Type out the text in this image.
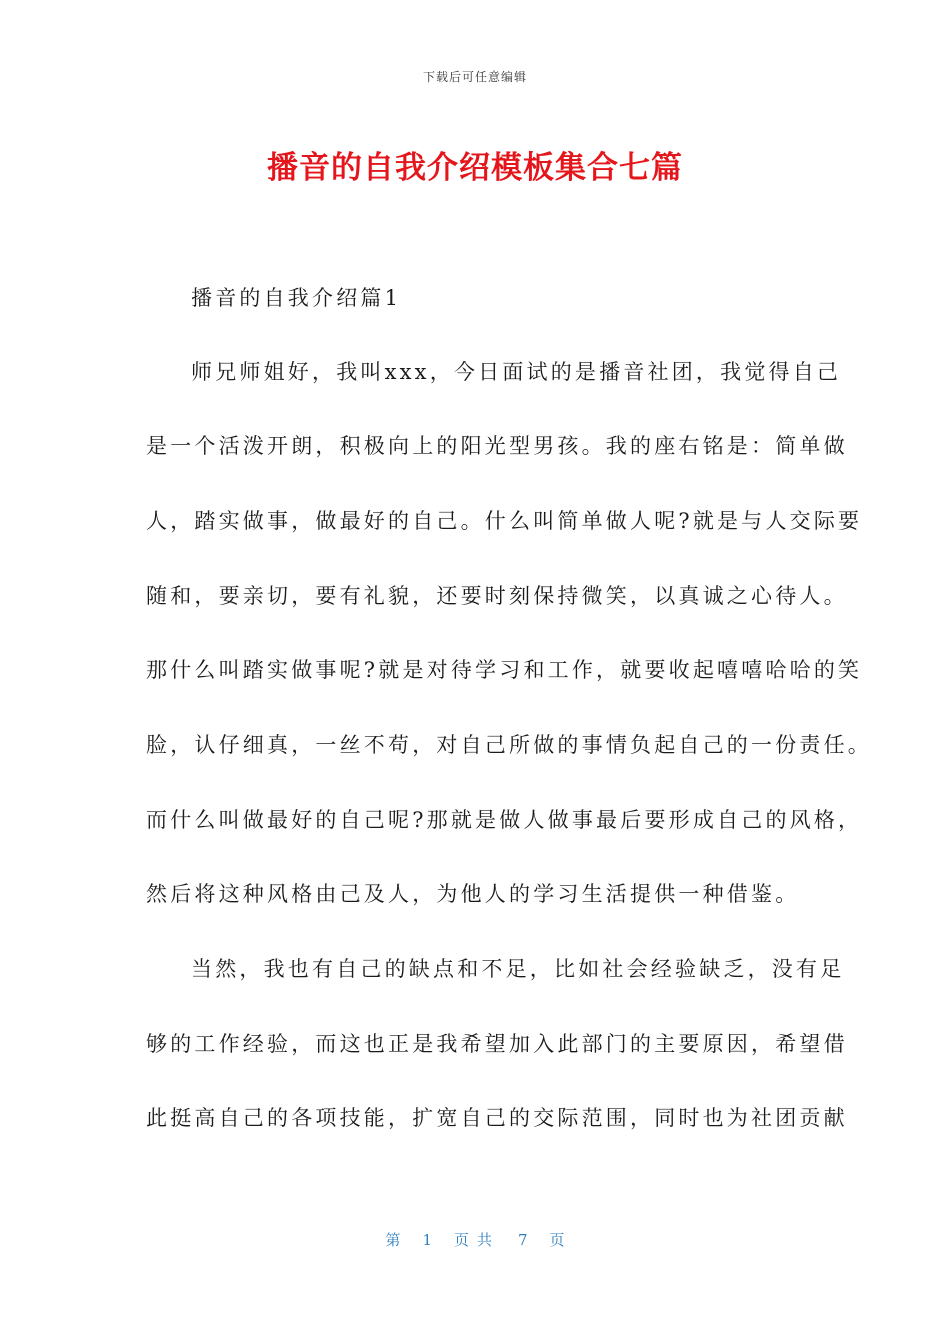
下载后可任意编辑
播音的自我介绍模板集合七篇
播音的自我介绍篇1
师兄师姐好，我叫xxx，今日面试的是播音社团，我觉得自己
是一个活泼开朗，积极向上的阳光型男孩。我的座右铭是：简单做
人，踏实做事，做最好的自己。什么叫简单做人呢?就是与人交际要
随和，要亲切，要有礼貌，还要时刻保持微笑，以真诚之心待人。
那什么叫踏实做事呢?就是对待学习和工作，就要收起嘻嘻哈哈的笑
脸，认仔细真，一丝不苟，对自己所做的事情负起自己的一份责任。
而什么叫做最好的自己呢?那就是做人做事最后要形成自己的风格，
然后将这种风格由己及人，为他人的学习生活提供一种借鉴。
当然，我也有自己的缺点和不足，比如社会经验缺乏，没有足
够的工作经验，而这也正是我希望加入此部门的主要原因，希望借
此挺高自己的各项技能，扩宽自己的交际范围，同时也为社团贡献
第 1 页共 7 页
